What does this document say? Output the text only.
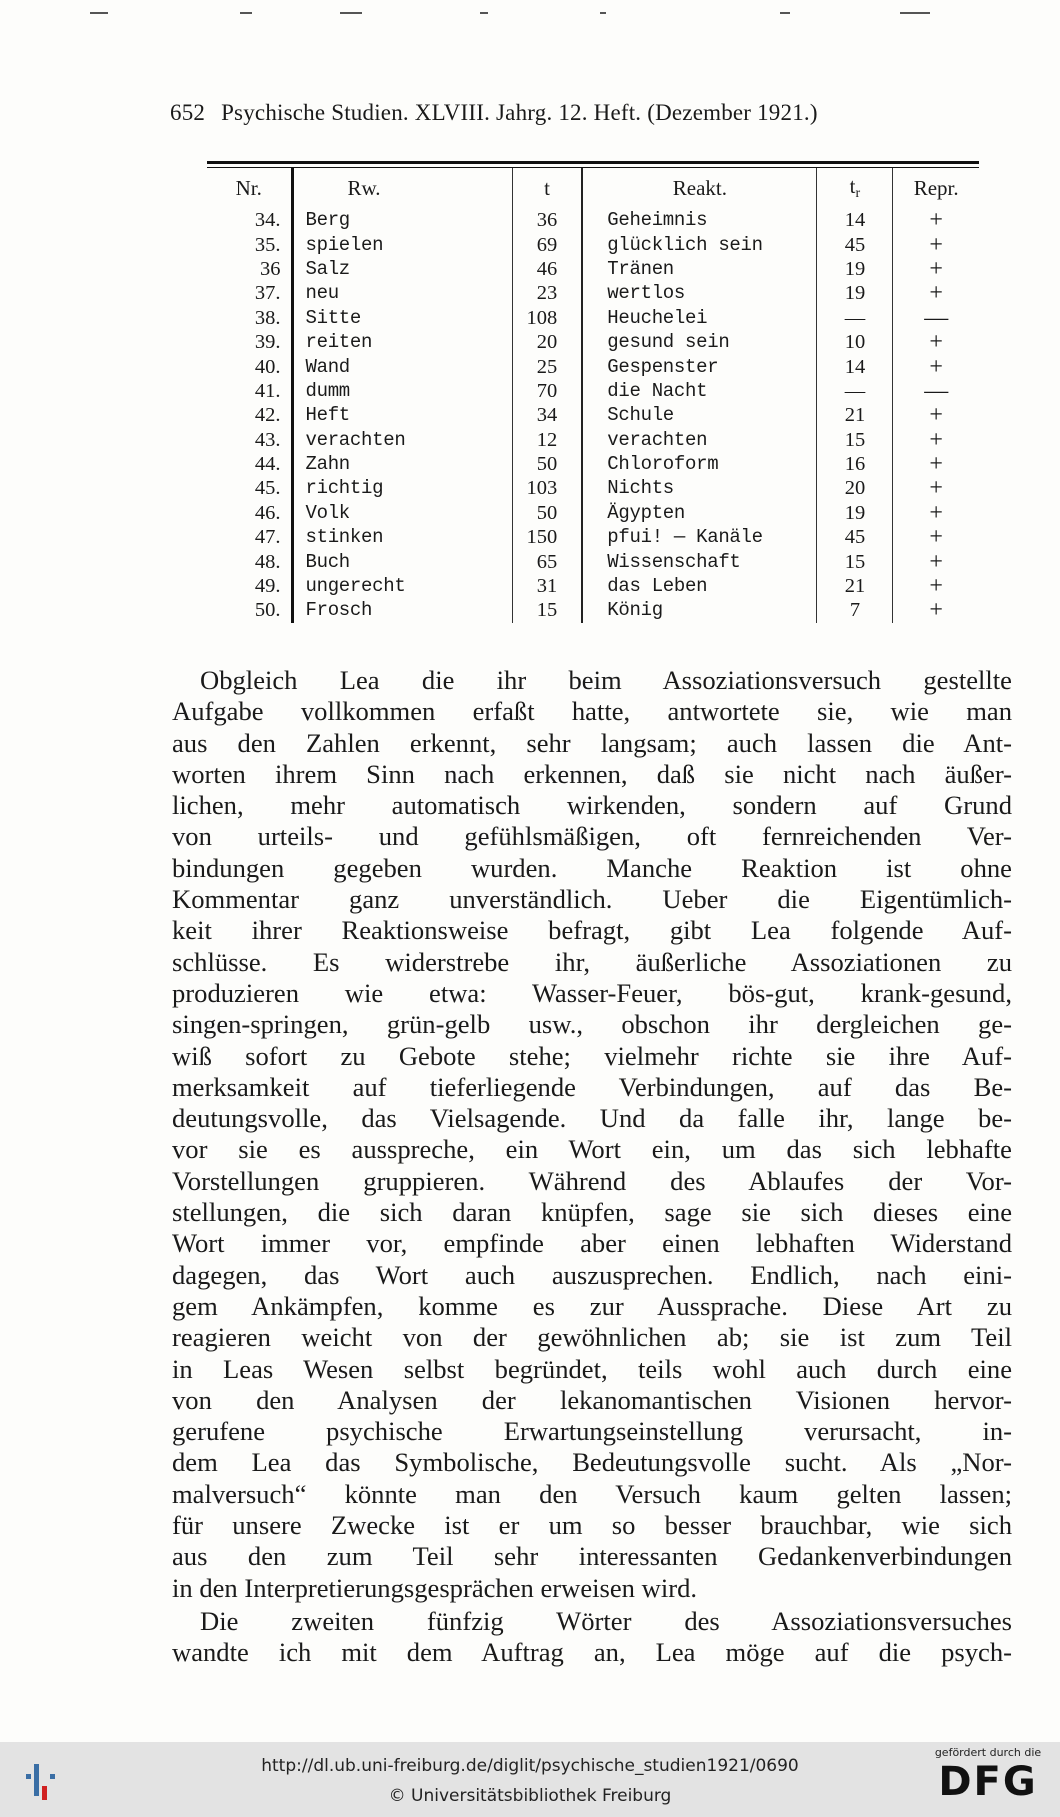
652 Psychische Studien. XLVIII. Jahrg. 12. Heft. (Dezember 1921.)
Nr.	Rw.	t	Reakt.	$t_r$	Repr.
34.	Berg	36	Geheimnis	14	+
35.	spielen	69	glücklich sein	45	+
36	Salz	46	Tränen	19	+
37.	neu	23	wertlos	19	+
38.	Sitte	108	Heuchelei	—	—
39.	reiten	20	gesund sein	10	+
40.	Wand	25	Gespenster	14	+
41.	dumm	70	die Nacht	—	—
42.	Heft	34	Schule	21	+
43.	verachten	12	verachten	15	+
44.	Zahn	50	Chloroform	16	+
45.	richtig	103	Nichts	20	+
46.	Volk	50	Ägypten	19	+
47.	stinken	150	pfui! — Kanäle	45	+
48.	Buch	65	Wissenschaft	15	+
49.	ungerecht	31	das Leben	21	+
50.	Frosch	15	König	7	+
Obgleich Lea die ihr beim Assoziationsversuch gestellte
Aufgabe vollkommen erfaßt hatte, antwortete sie, wie man
aus den Zahlen erkennt, sehr langsam; auch lassen die Ant-
worten ihrem Sinn nach erkennen, daß sie nicht nach äußer-
lichen, mehr automatisch wirkenden, sondern auf Grund
von urteils- und gefühlsmäßigen, oft fernreichenden Ver-
bindungen gegeben wurden. Manche Reaktion ist ohne
Kommentar ganz unverständlich. Ueber die Eigentümlich-
keit ihrer Reaktionsweise befragt, gibt Lea folgende Auf-
schlüsse. Es widerstrebe ihr, äußerliche Assoziationen zu
produzieren wie etwa: Wasser-Feuer, bös-gut, krank-gesund,
singen-springen, grün-gelb usw., obschon ihr dergleichen ge-
wiß sofort zu Gebote stehe; vielmehr richte sie ihre Auf-
merksamkeit auf tieferliegende Verbindungen, auf das Be-
deutungsvolle, das Vielsagende. Und da falle ihr, lange be-
vor sie es ausspreche, ein Wort ein, um das sich lebhafte
Vorstellungen gruppieren. Während des Ablaufes der Vor-
stellungen, die sich daran knüpfen, sage sie sich dieses eine
Wort immer vor, empfinde aber einen lebhaften Widerstand
dagegen, das Wort auch auszusprechen. Endlich, nach eini-
gem Ankämpfen, komme es zur Aussprache. Diese Art zu
reagieren weicht von der gewöhnlichen ab; sie ist zum Teil
in Leas Wesen selbst begründet, teils wohl auch durch eine
von den Analysen der lekanomantischen Visionen hervor-
gerufene psychische Erwartungseinstellung verursacht, in-
dem Lea das Symbolische, Bedeutungsvolle sucht. Als „Nor-
malversuch“ könnte man den Versuch kaum gelten lassen;
für unsere Zwecke ist er um so besser brauchbar, wie sich
aus den zum Teil sehr interessanten Gedankenverbindungen
in den Interpretierungsgesprächen erweisen wird.
Die zweiten fünfzig Wörter des Assoziationsversuches
wandte ich mit dem Auftrag an, Lea möge auf die psych-
http://dl.ub.uni-freiburg.de/diglit/psychische_studien1921/0690
© Universitätsbibliothek Freiburg
gefördert durch die
DFG
